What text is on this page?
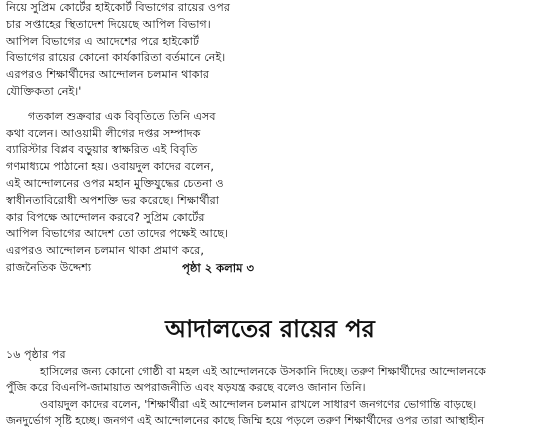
নিয়ে সুপ্রিম কোর্টের হাইকোর্ট বিভাগের রায়ের ওপর
চার সপ্তাহের স্থিতাদেশ দিয়েছে আপিল বিভাগ।
আপিল বিভাগের এ আদেশের পরে হাইকোর্ট
বিভাগের রায়ের কোনো কার্যকারিতা বর্তমানে নেই।
এরপরও শিক্ষার্থীদের আন্দোলন চলমান থাকার
যৌক্তিকতা নেই।'

গতকাল শুক্রবার এক বিবৃতিতে তিনি এসব
কথা বলেন। আওয়ামী লীগের দপ্তর সম্পাদক
ব্যারিস্টার বিপ্লব বড়ুয়ার স্বাক্ষরিত এই বিবৃতি
গণমাধ্যমে পাঠানো হয়। ওবায়দুল কাদের বলেন,
এই আন্দোলনের ওপর মহান মুক্তিযুদ্ধের চেতনা ও
স্বাধীনতাবিরোধী অপশক্তি ভর করেছে। শিক্ষার্থীরা
কার বিপক্ষে আন্দোলন করবে? সুপ্রিম কোর্টের
আপিল বিভাগের আদেশ তো তাদের পক্ষেই আছে।
এরপরও আন্দোলন চলমান থাকা প্রমাণ করে,

রাজনৈতিক উদ্দেশ্য	পৃষ্ঠা ২ কলাম ৩
আদালতের রায়ের পর
১৬ পৃষ্ঠার পর

হাসিলের জন্য কোনো গোষ্ঠী বা মহল এই আন্দোলনকে উসকানি দিচ্ছে। তরুণ শিক্ষার্থীদের আন্দোলনকে
পুঁজি করে বিএনপি-জামায়াত অপরাজনীতি এবং ষড়যন্ত্র করছে বলেও জানান তিনি।
ওবায়দুল কাদের বলেন, 'শিক্ষার্থীরা এই আন্দোলন চলমান রাখলে সাধারণ জনগণের ভোগান্তি বাড়ছে।
জনদুর্ভোগ সৃষ্টি হচ্ছে। জনগণ এই আন্দোলনের কাছে জিম্মি হয়ে পড়লে তরুণ শিক্ষার্থীদের ওপর তারা আস্থাহীন
